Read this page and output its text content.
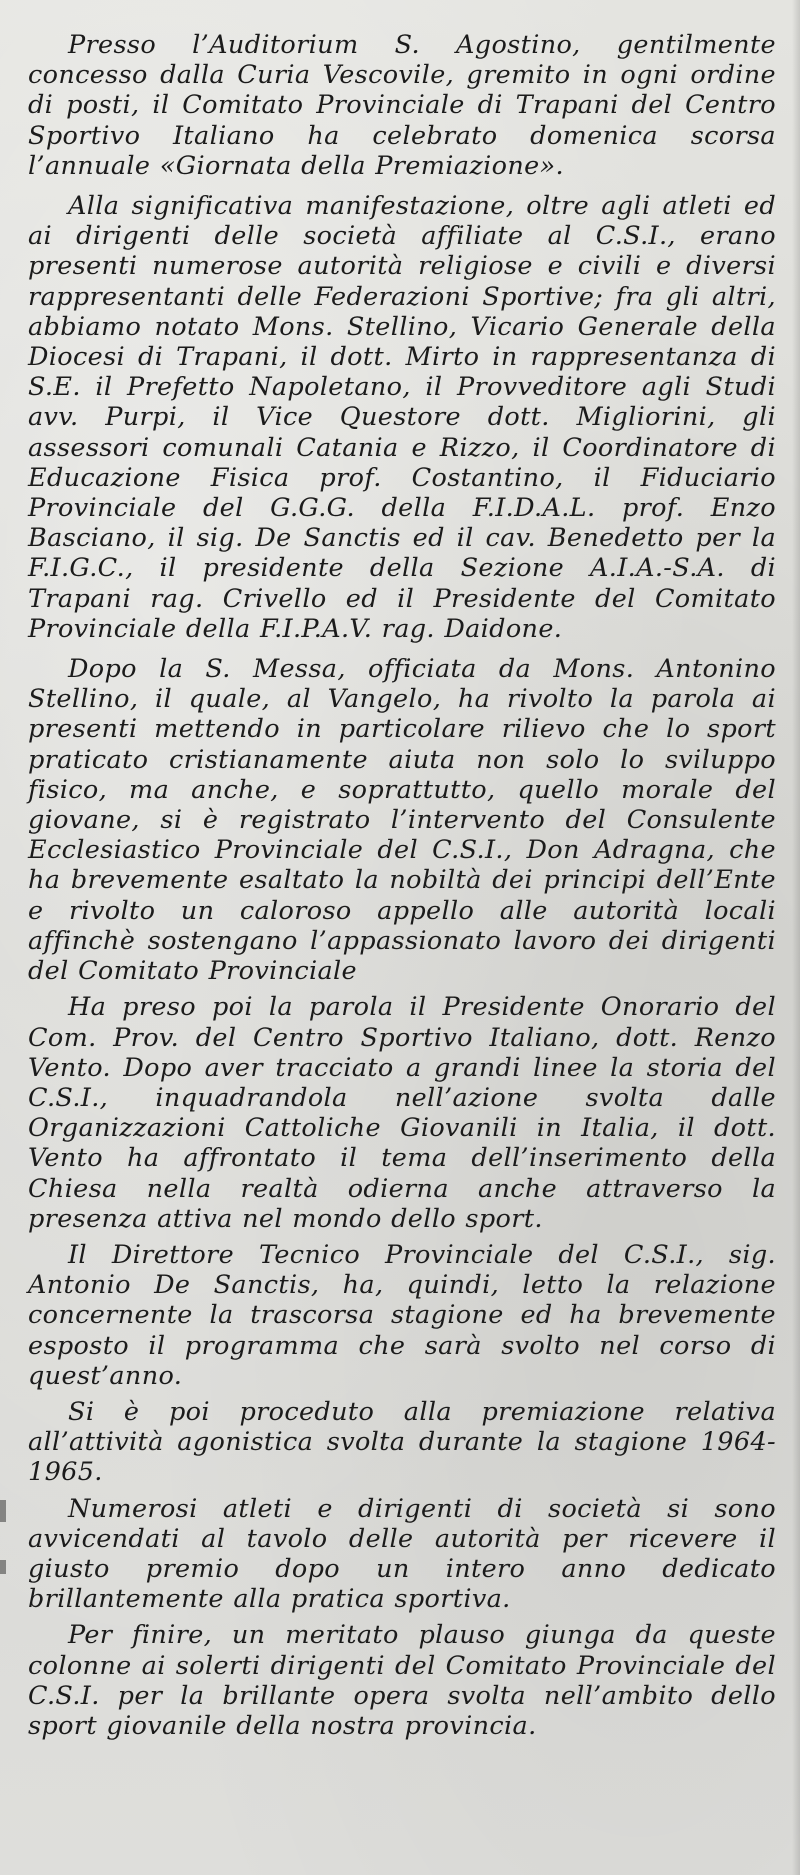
Presso l’Auditorium S. Agostino, gentilmente concesso dalla Curia Vescovile, gremito in ogni ordine di posti, il Comitato Provinciale di Trapani del Centro Sportivo Italiano ha celebrato domenica scorsa l’annuale «Giornata della Premiazione».

Alla significativa manifestazione, oltre agli atleti ed ai dirigenti delle società affiliate al C.S.I., erano presenti numerose autorità religiose e civili e diversi rappresentanti delle Federazioni Sportive; fra gli altri, abbiamo notato Mons. Stellino, Vicario Generale della Diocesi di Trapani, il dott. Mirto in rappresentanza di S.E. il Prefetto Napoletano, il Provveditore agli Studi avv. Purpi, il Vice Questore dott. Migliorini, gli assessori comunali Catania e Rizzo, il Coordinatore di Educazione Fisica prof. Costantino, il Fiduciario Provinciale del G.G.G. della F.I.D.A.L. prof. Enzo Basciano, il sig. De Sanctis ed il cav. Benedetto per la F.I.G.C., il presidente della Sezione A.I.A.-S.A. di Trapani rag. Crivello ed il Presidente del Comitato Provinciale della F.I.P.A.V. rag. Daidone.

Dopo la S. Messa, officiata da Mons. Antonino Stellino, il quale, al Vangelo, ha rivolto la parola ai presenti mettendo in particolare rilievo che lo sport praticato cristianamente aiuta non solo lo sviluppo fisico, ma anche, e soprattutto, quello morale del giovane, si è registrato l’intervento del Consulente Ecclesiastico Provinciale del C.S.I., Don Adragna, che ha brevemente esaltato la nobiltà dei principi dell’Ente e rivolto un caloroso appello alle autorità locali affinchè sostengano l’appassionato lavoro dei dirigenti del Comitato Provinciale

Ha preso poi la parola il Presidente Onorario del Com. Prov. del Centro Sportivo Italiano, dott. Renzo Vento. Dopo aver tracciato a grandi linee la storia del C.S.I., inquadrandola nell’azione svolta dalle Organizzazioni Cattoliche Giovanili in Italia, il dott. Vento ha affrontato il tema dell’inserimento della Chiesa nella realtà odierna anche attraverso la presenza attiva nel mondo dello sport.

Il Direttore Tecnico Provinciale del C.S.I., sig. Antonio De Sanctis, ha, quindi, letto la relazione concernente la trascorsa stagione ed ha brevemente esposto il programma che sarà svolto nel corso di quest’anno.

Si è poi proceduto alla premiazione relativa all’attività agonistica svolta durante la stagione 1964-1965.

Numerosi atleti e dirigenti di società si sono avvicendati al tavolo delle autorità per ricevere il giusto premio dopo un intero anno dedicato brillantemente alla pratica sportiva.

Per finire, un meritato plauso giunga da queste colonne ai solerti dirigenti del Comitato Provinciale del C.S.I. per la brillante opera svolta nell’ambito dello sport giovanile della nostra provincia.
